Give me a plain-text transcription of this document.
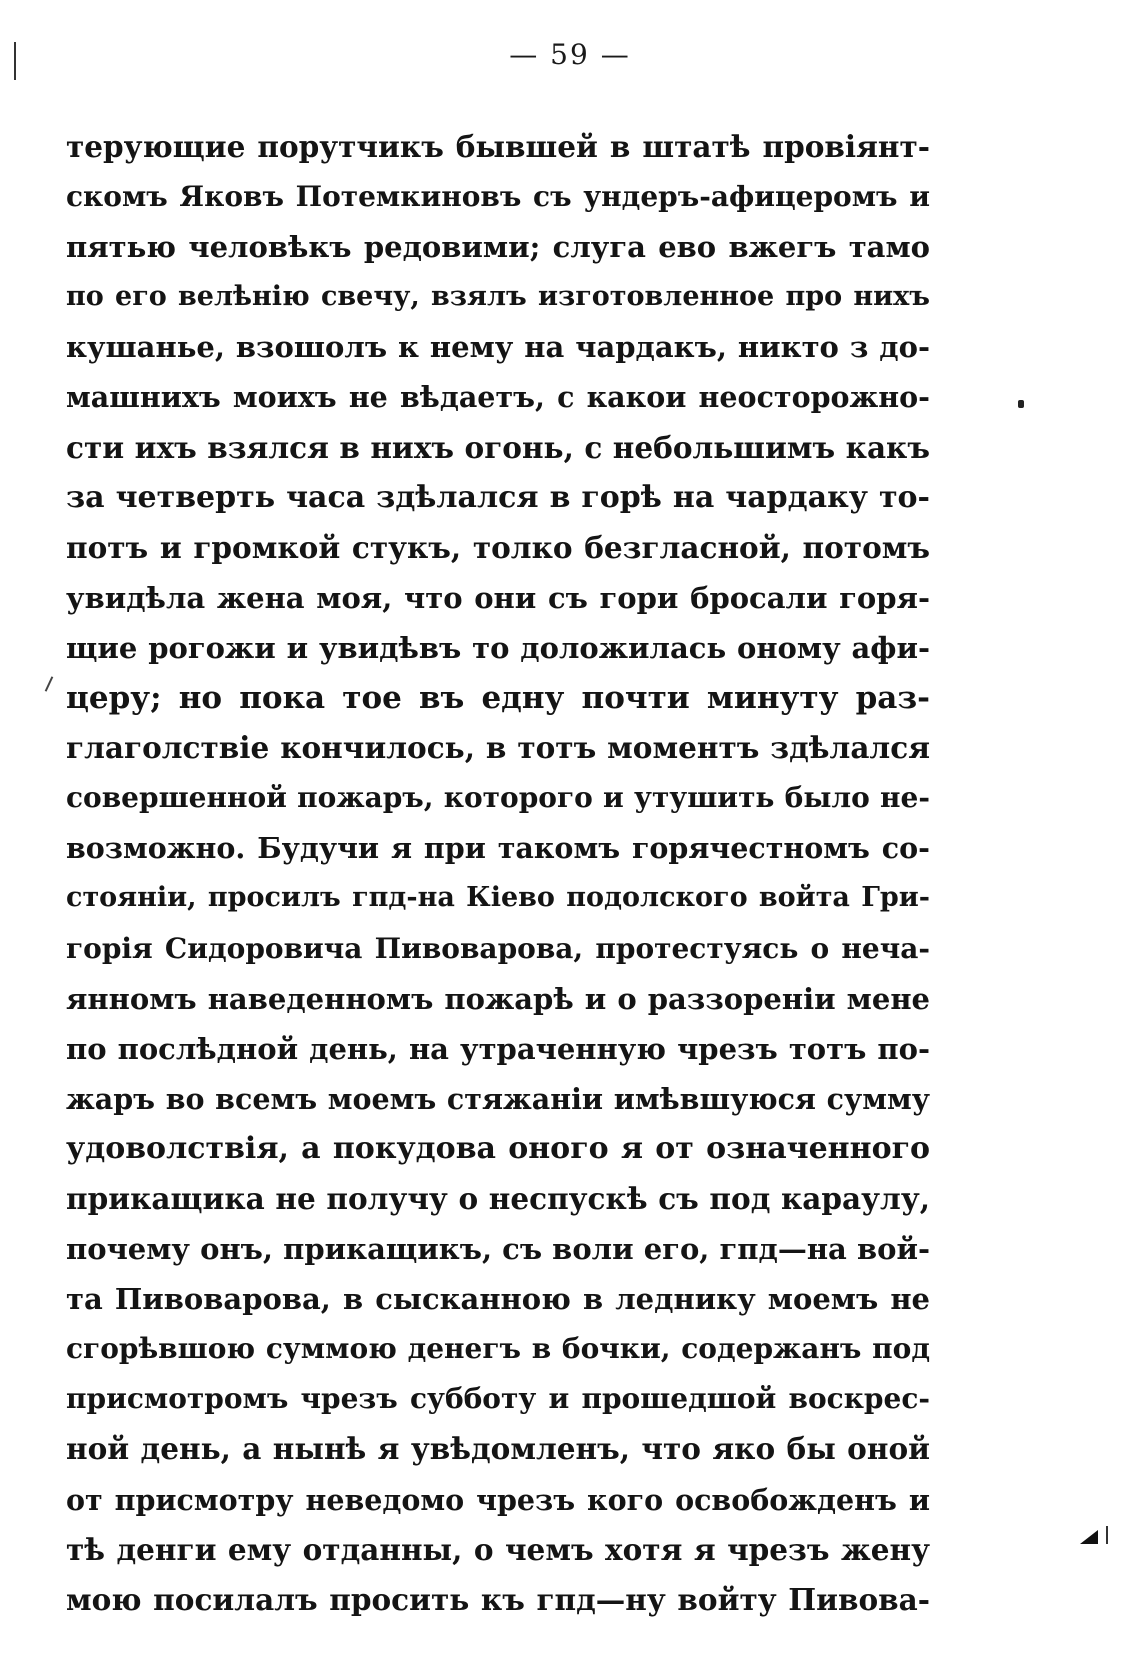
— 59 —
терующие порутчикъ бывшей в штатѣ провіянт-
скомъ Яковъ Потемкиновъ съ ундеръ-афицеромъ и
пятью человѣкъ редовими; слуга ево вжегъ тамо
по его велѣнію свечу, взялъ изготовленное про нихъ
кушанье, взошолъ к нему на чардакъ, никто з до-
машнихъ моихъ не вѣдаетъ, с какои неосторожно-
сти ихъ взялся в нихъ огонь, с небольшимъ какъ
за четверть часа здѣлался в горѣ на чардаку то-
потъ и громкой стукъ, толко безгласной, потомъ
увидѣла жена моя, что они съ гори бросали горя-
щие рогожи и увидѣвъ то доложилась оному афи-
церу; но пока тое въ едну почти минуту раз-
глаголствіе кончилось, в тотъ моментъ здѣлался
совершенной пожаръ, которого и утушить было не-
возможно. Будучи я при такомъ горячестномъ со-
стояніи, просилъ гпд-на Кіево подолского войта Гри-
горія Сидоровича Пивоварова, протестуясь о неча-
янномъ наведенномъ пожарѣ и о раззореніи мене
по послѣдной день, на утраченную чрезъ тотъ по-
жаръ во всемъ моемъ стяжаніи имѣвшуюся сумму
удоволствія, а покудова оного я от означенного
прикащика не получу о неспускѣ съ под караулу,
почему онъ, прикащикъ, съ воли его, гпд—на вой-
та Пивоварова, в сысканною в леднику моемъ не
сгорѣвшою суммою денегъ в бочки, содержанъ под
присмотромъ чрезъ субботу и прошедшой воскрес-
ной день, а нынѣ я увѣдомленъ, что яко бы оной
от присмотру неведомо чрезъ кого освобожденъ и
тѣ денги ему отданны, о чемъ хотя я чрезъ жену
мою посилалъ просить къ гпд—ну войту Пивова-
